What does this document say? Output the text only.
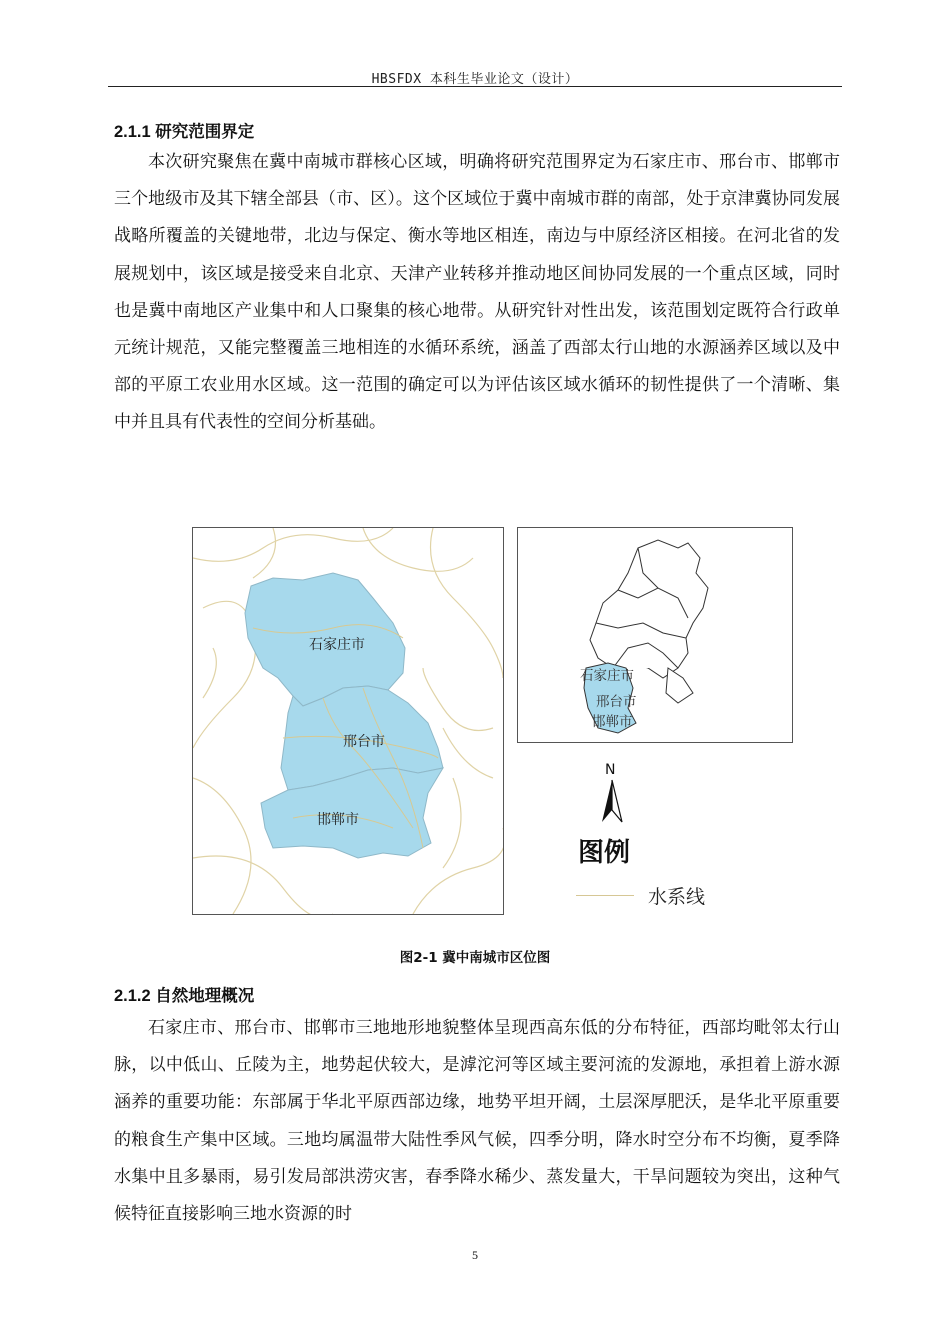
HBSFDX 本科生毕业论文（设计）
2.1.1 研究范围界定

本次研究聚焦在冀中南城市群核心区域，明确将研究范围界定为石家庄市、邢台市、邯郸市三个地级市及其下辖全部县（市、区）。这个区域位于冀中南城市群的南部，处于京津冀协同发展战略所覆盖的关键地带，北边与保定、衡水等地区相连，南边与中原经济区相接。在河北省的发展规划中，该区域是接受来自北京、天津产业转移并推动地区间协同发展的一个重点区域，同时也是冀中南地区产业集中和人口聚集的核心地带。从研究针对性出发，该范围划定既符合行政单元统计规范，又能完整覆盖三地相连的水循环系统，涵盖了西部太行山地的水源涵养区域以及中部的平原工农业用水区域。这一范围的确定可以为评估该区域水循环的韧性提供了一个清晰、集中并且具有代表性的空间分析基础。

石家庄市
邢台市
邯郸市
石家庄市
邢台市
邯郸市
N
图例
水系线
图2-1 冀中南城市区位图
2.1.2 自然地理概况

石家庄市、邢台市、邯郸市三地地形地貌整体呈现西高东低的分布特征，西部均毗邻太行山脉，以中低山、丘陵为主，地势起伏较大，是滹沱河等区域主要河流的发源地，承担着上游水源涵养的重要功能：东部属于华北平原西部边缘，地势平坦开阔，土层深厚肥沃，是华北平原重要的粮食生产集中区域。三地均属温带大陆性季风气候，四季分明，降水时空分布不均衡，夏季降水集中且多暴雨，易引发局部洪涝灾害，春季降水稀少、蒸发量大，干旱问题较为突出，这种气候特征直接影响三地水资源的时

5
